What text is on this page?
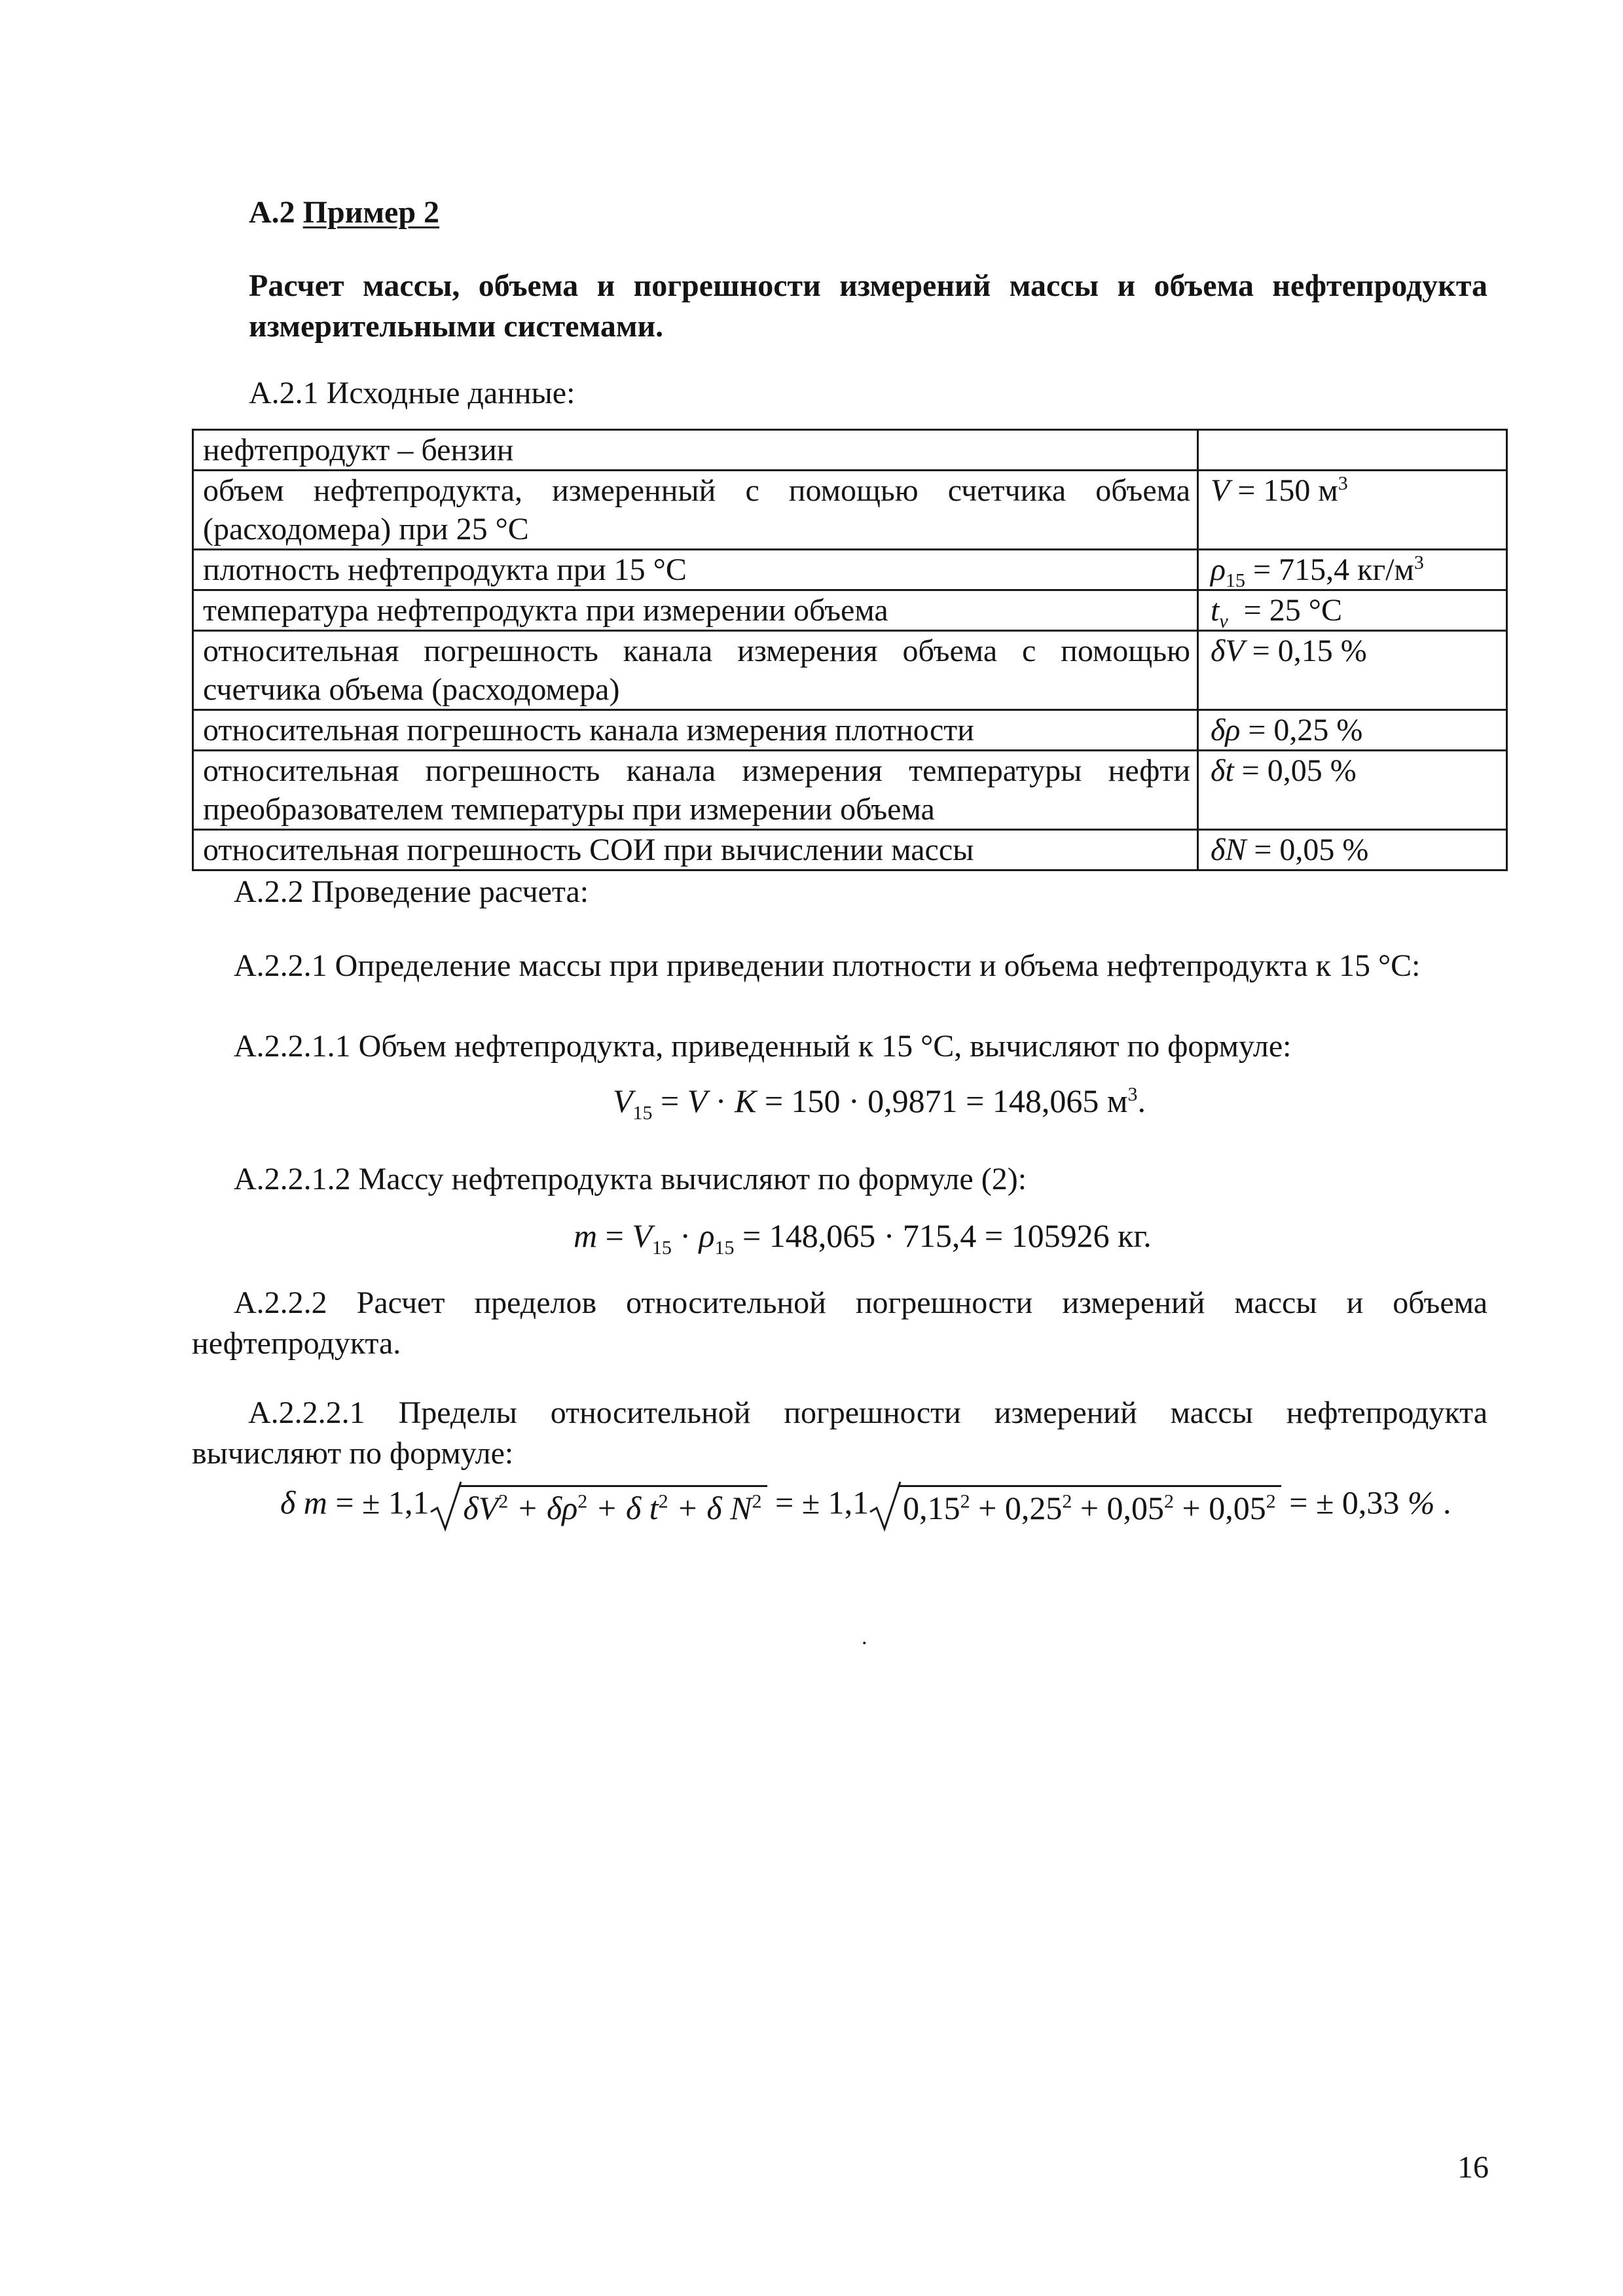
А.2 Пример 2
Расчет массы, объема и погрешности измерений массы и объема нефтепродукта измерительными системами.
А.2.1 Исходные данные:
нефтепродукт – бензин	
объем нефтепродукта, измеренный с помощью счетчика объема (расходомера) при 25 °С	V = 150 $м^3$
плотность нефтепродукта при 15 °С	$\rho_{15} = 715,4$ $кг/м^3$
температура нефтепродукта при измерении объема	$t_v = 25$ °С
относительная погрешность канала измерения объема с помощью счетчика объема (расходомера)	δV = 0,15 %
относительная погрешность канала измерения плотности	δρ = 0,25 %
относительная погрешность канала измерения температуры нефти преобразователем температуры при измерении объема	δt = 0,05 %
относительная погрешность СОИ при вычислении массы	δN = 0,05 %
А.2.2 Проведение расчета:
А.2.2.1 Определение массы при приведении плотности и объема нефтепродукта к 15 °С:
А.2.2.1.1 Объем нефтепродукта, приведенный к 15 °С, вычисляют по формуле:
$V_{15} = V \cdot K = 150 \cdot 0,9871 = 148,065$ $м^3$.
А.2.2.1.2 Массу нефтепродукта вычисляют по формуле (2):
$m = V_{15} \cdot \rho_{15} = 148,065 \cdot 715,4 = 105926$ кг.
А.2.2.2 Расчет пределов относительной погрешности измерений массы и объема нефтепродукта.
А.2.2.2.1 Пределы относительной погрешности измерений массы нефтепродукта вычисляют по формуле:
δ m = ± 1,1 $\delta V^2 + \delta\rho^2 + \delta$ $t^2 + \delta$ $N^2$ = ± 1,1 $0,15^2 + 0,25^2 + 0,05^2 + 0,05^2$ = ± 0,33 % .
.
16
